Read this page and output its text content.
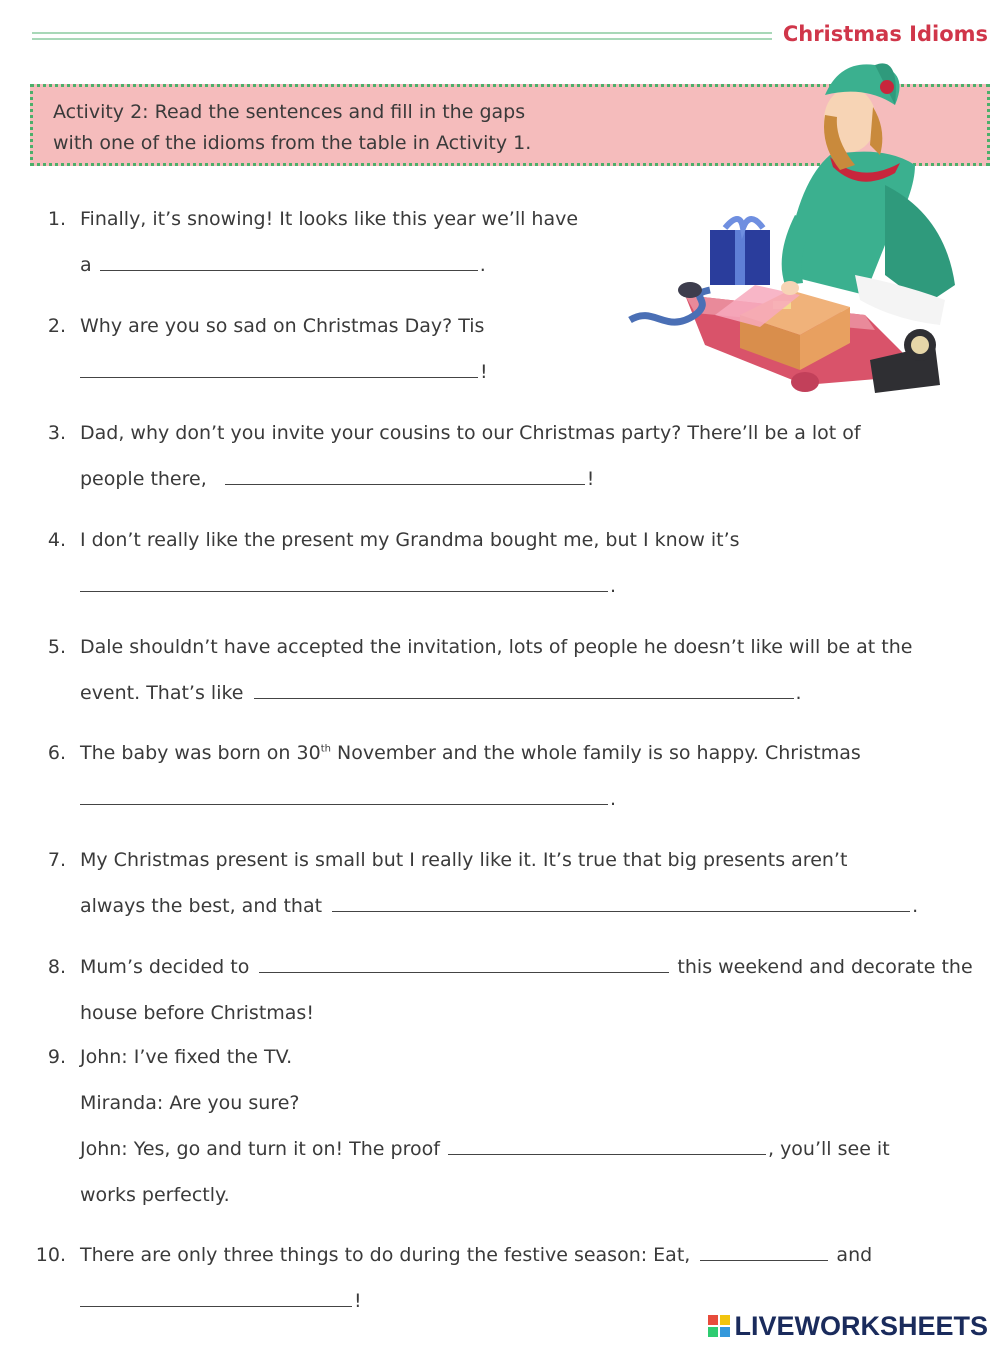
Christmas Idioms
Activity 2: Read the sentences and fill in the gaps
with one of the idioms from the table in Activity 1.
1. Finally, it’s snowing! It looks like this year we’ll have
a	.
2. Why are you so sad on Christmas Day? Tis
!
3. Dad, why don’t you invite your cousins to our Christmas party? There’ll be a lot of
people there,	!
4. I don’t really like the present my Grandma bought me, but I know it’s
.
5. Dale shouldn’t have accepted the invitation, lots of people he doesn’t like will be at the
event. That’s like	.
6. The baby was born on 30th November and the whole family is so happy. Christmas
.
7. My Christmas present is small but I really like it. It’s true that big presents aren’t
always the best, and that	.
8. Mum’s decided to	this weekend and decorate the
house before Christmas!
9. John: I’ve fixed the TV.
Miranda: Are you sure?
John: Yes, go and turn it on! The proof	, you’ll see it
works perfectly.
10. There are only three things to do during the festive season: Eat,	and
!
LIVEWORKSHEETS
